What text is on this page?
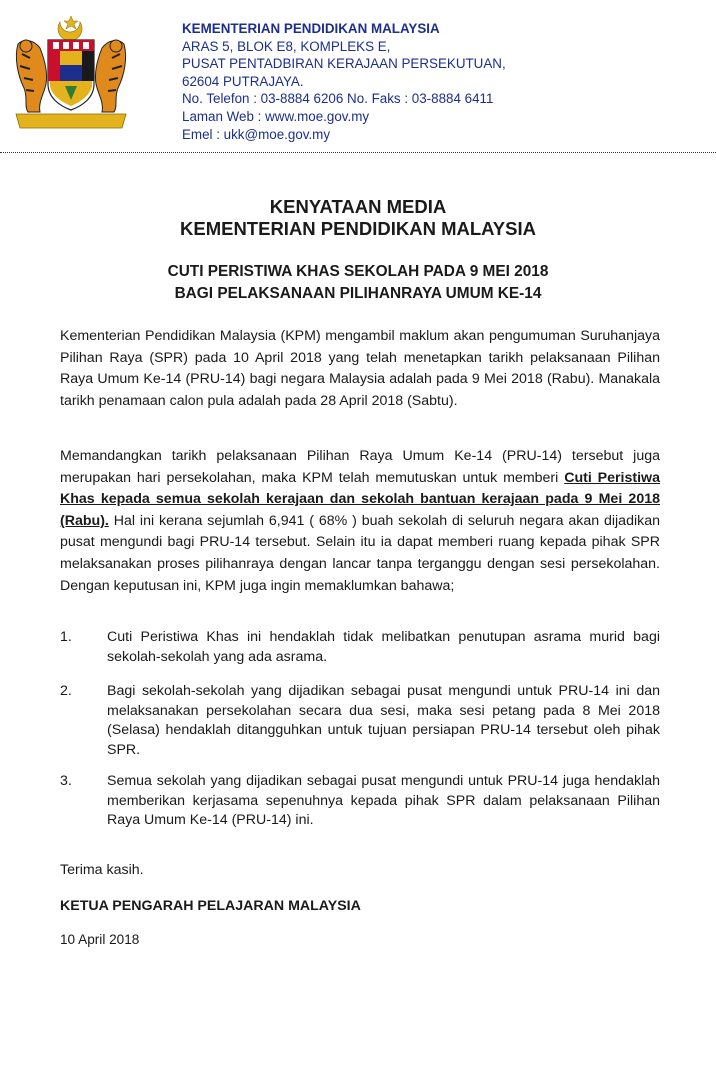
KEMENTERIAN PENDIDIKAN MALAYSIA
ARAS 5, BLOK E8, KOMPLEKS E,
PUSAT PENTADBIRAN KERAJAAN PERSEKUTUAN,
62604 PUTRAJAYA.
No. Telefon : 03-8884 6206 No. Faks : 03-8884 6411
Laman Web : www.moe.gov.my
Emel : ukk@moe.gov.my
KENYATAAN MEDIA
KEMENTERIAN PENDIDIKAN MALAYSIA
CUTI PERISTIWA KHAS SEKOLAH PADA 9 MEI 2018
BAGI PELAKSANAAN PILIHANRAYA UMUM KE-14
Kementerian Pendidikan Malaysia (KPM) mengambil maklum akan pengumuman Suruhanjaya Pilihan Raya (SPR) pada 10 April 2018 yang telah menetapkan tarikh pelaksanaan Pilihan Raya Umum Ke-14 (PRU-14) bagi negara Malaysia adalah pada 9 Mei 2018 (Rabu). Manakala tarikh penamaan calon pula adalah pada 28 April 2018 (Sabtu).
Memandangkan tarikh pelaksanaan Pilihan Raya Umum Ke-14 (PRU-14) tersebut juga merupakan hari persekolahan, maka KPM telah memutuskan untuk memberi Cuti Peristiwa Khas kepada semua sekolah kerajaan dan sekolah bantuan kerajaan pada 9 Mei 2018 (Rabu). Hal ini kerana sejumlah 6,941 ( 68% ) buah sekolah di seluruh negara akan dijadikan pusat mengundi bagi PRU-14 tersebut. Selain itu ia dapat memberi ruang kepada pihak SPR melaksanakan proses pilihanraya dengan lancar tanpa terganggu dengan sesi persekolahan. Dengan keputusan ini, KPM juga ingin memaklumkan bahawa;
1. Cuti Peristiwa Khas ini hendaklah tidak melibatkan penutupan asrama murid bagi sekolah-sekolah yang ada asrama.
2. Bagi sekolah-sekolah yang dijadikan sebagai pusat mengundi untuk PRU-14 ini dan melaksanakan persekolahan secara dua sesi, maka sesi petang pada 8 Mei 2018 (Selasa) hendaklah ditangguhkan untuk tujuan persiapan PRU-14 tersebut oleh pihak SPR.
3. Semua sekolah yang dijadikan sebagai pusat mengundi untuk PRU-14 juga hendaklah memberikan kerjasama sepenuhnya kepada pihak SPR dalam pelaksanaan Pilihan Raya Umum Ke-14 (PRU-14) ini.
Terima kasih.
KETUA PENGARAH PELAJARAN MALAYSIA
10 April 2018
